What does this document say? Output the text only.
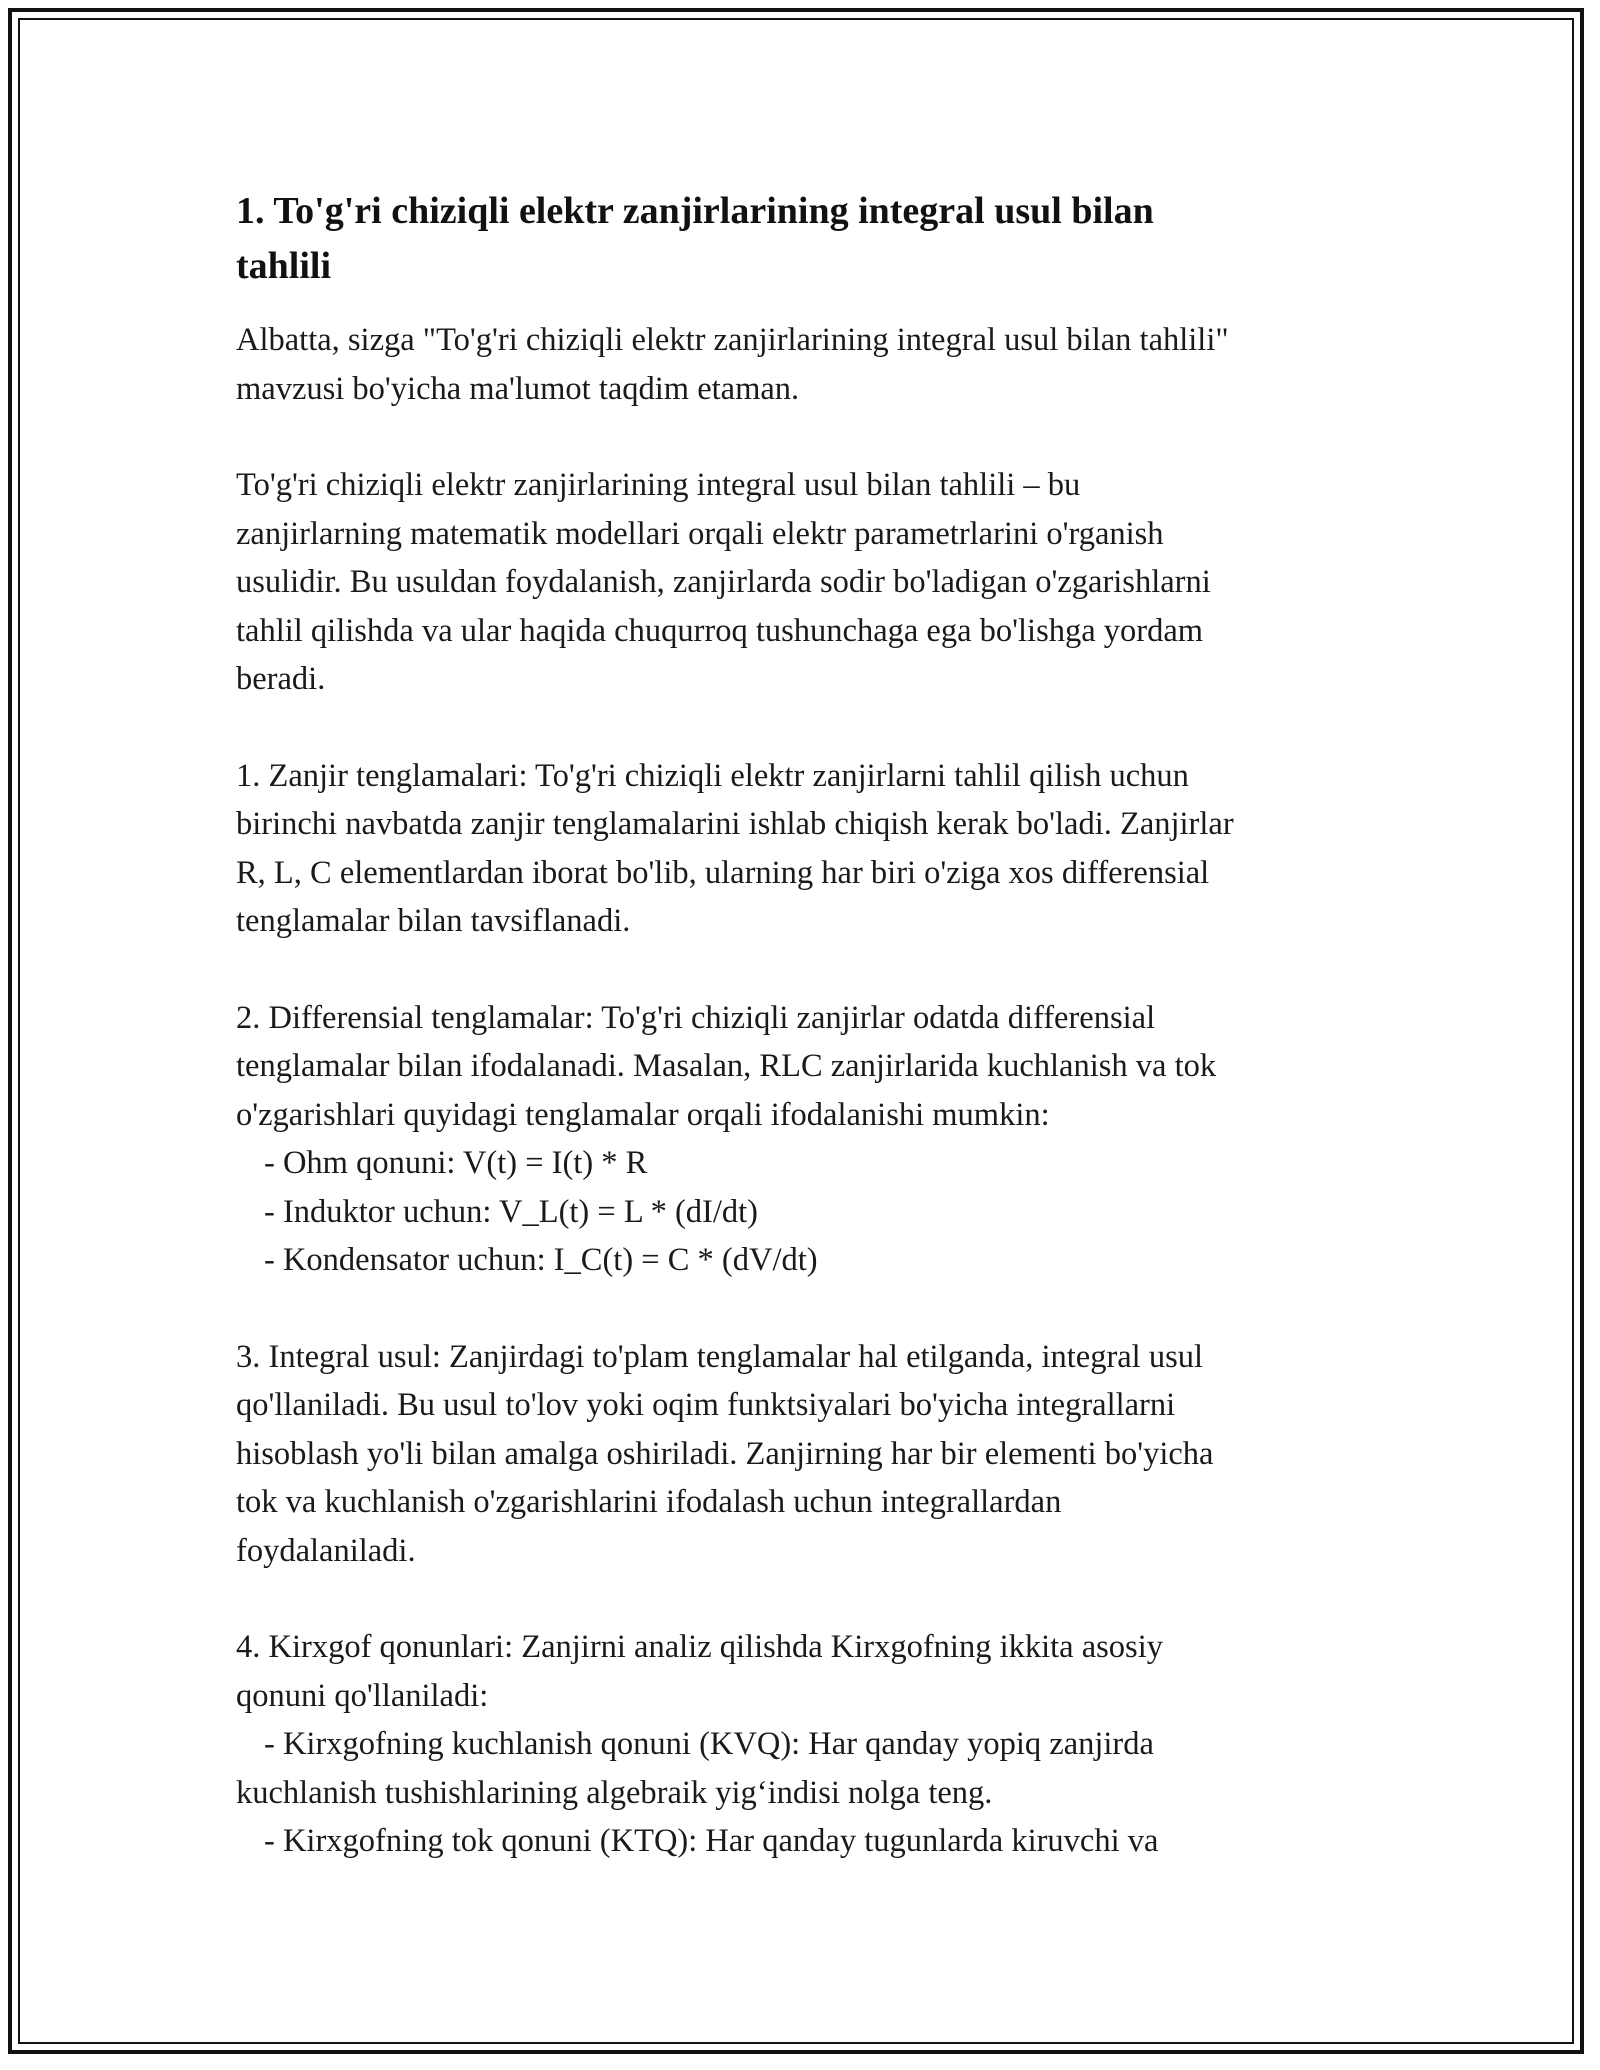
1. To'g'ri chiziqli elektr zanjirlarining integral usul bilan
tahlili
Albatta, sizga "To'g'ri chiziqli elektr zanjirlarining integral usul bilan tahlili"
mavzusi bo'yicha ma'lumot taqdim etaman.
To'g'ri chiziqli elektr zanjirlarining integral usul bilan tahlili – bu
zanjirlarning matematik modellari orqali elektr parametrlarini o'rganish
usulidir. Bu usuldan foydalanish, zanjirlarda sodir bo'ladigan o'zgarishlarni
tahlil qilishda va ular haqida chuqurroq tushunchaga ega bo'lishga yordam
beradi.
1. Zanjir tenglamalari: To'g'ri chiziqli elektr zanjirlarni tahlil qilish uchun
birinchi navbatda zanjir tenglamalarini ishlab chiqish kerak bo'ladi. Zanjirlar
R, L, C elementlardan iborat bo'lib, ularning har biri o'ziga xos differensial
tenglamalar bilan tavsiflanadi.
2. Differensial tenglamalar: To'g'ri chiziqli zanjirlar odatda differensial
tenglamalar bilan ifodalanadi. Masalan, RLC zanjirlarida kuchlanish va tok
o'zgarishlari quyidagi tenglamalar orqali ifodalanishi mumkin:
- Ohm qonuni: V(t) = I(t) * R
- Induktor uchun: V_L(t) = L * (dI/dt)
- Kondensator uchun: I_C(t) = C * (dV/dt)
3. Integral usul: Zanjirdagi to'plam tenglamalar hal etilganda, integral usul
qo'llaniladi. Bu usul to'lov yoki oqim funktsiyalari bo'yicha integrallarni
hisoblash yo'li bilan amalga oshiriladi. Zanjirning har bir elementi bo'yicha
tok va kuchlanish o'zgarishlarini ifodalash uchun integrallardan
foydalaniladi.
4. Kirxgof qonunlari: Zanjirni analiz qilishda Kirxgofning ikkita asosiy
qonuni qo'llaniladi:
- Kirxgofning kuchlanish qonuni (KVQ): Har qanday yopiq zanjirda
kuchlanish tushishlarining algebraik yig‘indisi nolga teng.
- Kirxgofning tok qonuni (KTQ): Har qanday tugunlarda kiruvchi va
